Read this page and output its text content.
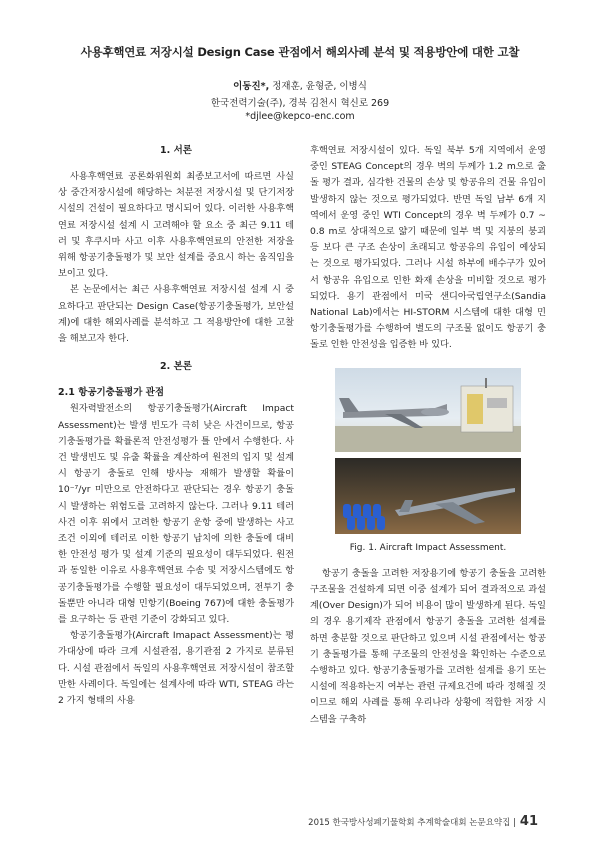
사용후핵연료 저장시설 Design Case 관점에서 해외사례 분석 및 적용방안에 대한 고찰
이동진*, 정재훈, 윤형준, 이병식
한국전력기술(주), 경북 김천시 혁신로 269
*djlee@kepco-enc.com
1. 서론

사용후핵연료 공론화위원회 최종보고서에 따르면 사실상 중간저장시설에 해당하는 처분전 저장시설 및 단기저장시설의 건설이 필요하다고 명시되어 있다. 이러한 사용후핵연료 저장시설 설계 시 고려해야 할 요소 중 최근 9.11 테러 및 후쿠시마 사고 이후 사용후핵연료의 안전한 저장을 위해 항공기충돌평가 및 보안 설계를 중요시 하는 움직임을 보이고 있다.

본 논문에서는 최근 사용후핵연료 저장시설 설계 시 중요하다고 판단되는 Design Case(항공기충돌평가, 보안설계)에 대한 해외사례를 분석하고 그 적용방안에 대한 고찰을 해보고자 한다.

2. 본론
2.1 항공기충돌평가 관점

원자력발전소의 항공기충돌평가(Aircraft Impact Assessment)는 발생 빈도가 극히 낮은 사건이므로, 항공기충돌평가를 확률론적 안전성평가 틀 안에서 수행한다. 사건 발생빈도 및 유출 확률을 계산하여 원전의 입지 및 설계 시 항공기 충돌로 인해 방사능 재해가 발생할 확률이 10⁻⁷/yr 미만으로 안전하다고 판단되는 경우 항공기 충돌 시 발생하는 위험도를 고려하지 않는다. 그러나 9.11 테러사건 이후 위에서 고려한 항공기 운항 중에 발생하는 사고 조건 이외에 테러로 이한 항공기 납치에 의한 충돌에 대비한 안전성 평가 및 설계 기준의 필요성이 대두되었다. 원전과 동일한 이유로 사용후핵연료 수송 및 저장시스템에도 항공기충돌평가를 수행할 필요성이 대두되었으며, 전투기 충돌뿐만 아니라 대형 민항기(Boeing 767)에 대한 충돌평가를 요구하는 등 관련 기준이 강화되고 있다.

항공기충돌평가(Aircraft Imapact Assessment)는 평가대상에 따라 크게 시설관점, 용기관점 2 가지로 분류된다. 시설 관점에서 독일의 사용후핵연료 저장시설이 참조할 만한 사례이다. 독일에는 설계사에 따라 WTI, STEAG 라는 2 가지 형태의 사용

후핵연료 저장시설이 있다. 독일 북부 5개 지역에서 운영 중인 STEAG Concept의 경우 벽의 두께가 1.2 m으로 출돌 평가 결과, 심각한 건물의 손상 및 항공유의 건물 유입이 발생하지 않는 것으로 평가되었다. 반면 독일 남부 6개 지역에서 운영 중인 WTI Concept의 경우 벽 두께가 0.7 ~ 0.8 m로 상대적으로 얇기 때문에 일부 벽 및 지붕의 붕괴 등 보다 큰 구조 손상이 초래되고 항공유의 유입이 예상되는 것으로 평가되었다. 그러나 시설 하부에 배수구가 있어서 항공유 유입으로 인한 화재 손상을 미비할 것으로 평가되었다. 용기 관점에서 미국 샌디아국립연구소(Sandia National Lab)에서는 HI-STORM 시스템에 대한 대형 민항기충돌평가를 수행하여 별도의 구조물 없이도 항공기 충돌로 인한 안전성을 입증한 바 있다.

Fig. 1. Aircraft Impact Assessment.

항공기 충돌을 고려한 저장용기에 항공기 충돌을 고려한 구조물을 건설하게 되면 이중 설계가 되어 결과적으로 과설계(Over Design)가 되어 비용이 많이 발생하게 된다. 독일의 경우 용기제작 관점에서 항공기 충돌을 고려한 설계를 하면 충분할 것으로 판단하고 있으며 시설 관점에서는 항공기 충돌평가를 통해 구조물의 안전성을 확인하는 수준으로 수행하고 있다. 항공기충돌평가를 고려한 설계를 용기 또는 시설에 적용하는지 여부는 관련 규제요건에 따라 정해질 것이므로 해외 사례를 통해 우리나라 상황에 적합한 저장 시스템을 구축하

2015 한국방사성폐기물학회 추계학술대회 논문요약집 | 41
